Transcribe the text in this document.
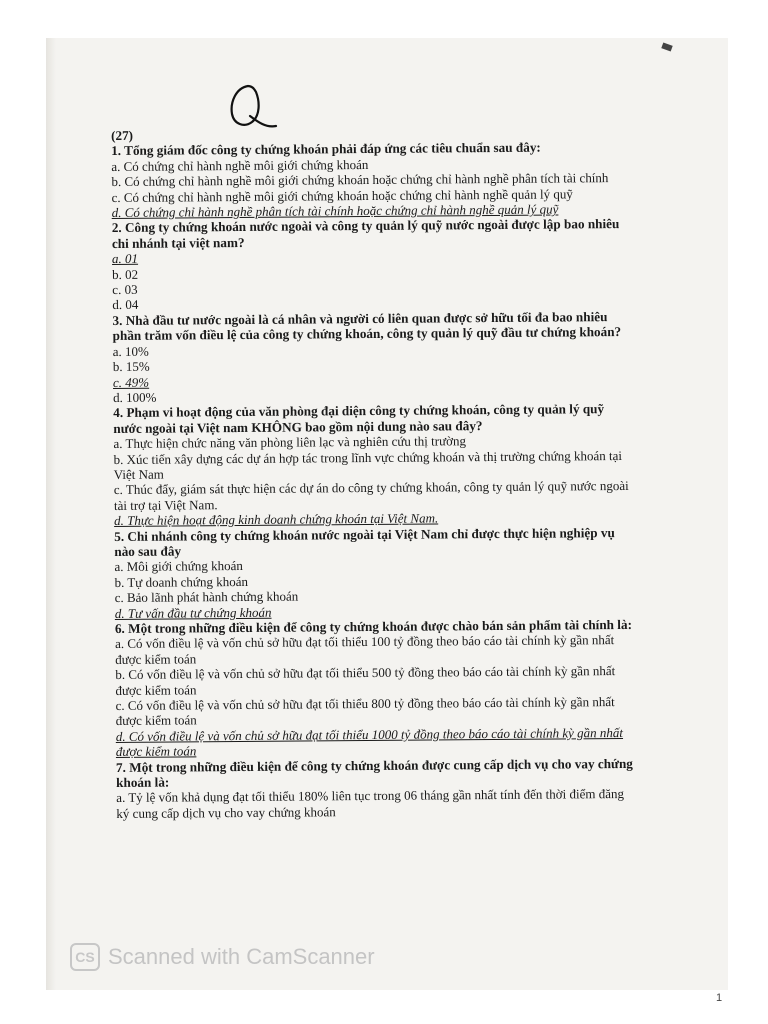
(27)

1. Tổng giám đốc công ty chứng khoán phải đáp ứng các tiêu chuẩn sau đây:

a. Có chứng chỉ hành nghề môi giới chứng khoán

b. Có chứng chỉ hành nghề môi giới chứng khoán hoặc chứng chỉ hành nghề phân tích tài chính

c. Có chứng chỉ hành nghề môi giới chứng khoán hoặc chứng chỉ hành nghề quản lý quỹ

d. Có chứng chỉ hành nghề phân tích tài chính hoặc chứng chỉ hành nghề quản lý quỹ

2. Công ty chứng khoán nước ngoài và công ty quản lý quỹ nước ngoài được lập bao nhiêu chi nhánh tại việt nam?

a. 01

b. 02

c. 03

d. 04

3. Nhà đầu tư nước ngoài là cá nhân và người có liên quan được sở hữu tối đa bao nhiêu phần trăm vốn điều lệ của công ty chứng khoán, công ty quản lý quỹ đầu tư chứng khoán?

a. 10%

b. 15%

c. 49%

d. 100%

4. Phạm vi hoạt động của văn phòng đại diện công ty chứng khoán, công ty quản lý quỹ nước ngoài tại Việt nam KHÔNG bao gồm nội dung nào sau đây?

a. Thực hiện chức năng văn phòng liên lạc và nghiên cứu thị trường

b. Xúc tiến xây dựng các dự án hợp tác trong lĩnh vực chứng khoán và thị trường chứng khoán tại Việt Nam

c. Thúc đẩy, giám sát thực hiện các dự án do công ty chứng khoán, công ty quản lý quỹ nước ngoài tài trợ tại Việt Nam.

d. Thực hiện hoạt động kinh doanh chứng khoán tại Việt Nam.

5. Chi nhánh công ty chứng khoán nước ngoài tại Việt Nam chỉ được thực hiện nghiệp vụ nào sau đây

a. Môi giới chứng khoán

b. Tự doanh chứng khoán

c. Bảo lãnh phát hành chứng khoán

d. Tư vấn đầu tư chứng khoán

6. Một trong những điều kiện để công ty chứng khoán được chào bán sản phẩm tài chính là:

a. Có vốn điều lệ và vốn chủ sở hữu đạt tối thiểu 100 tỷ đồng theo báo cáo tài chính kỳ gần nhất được kiểm toán

b. Có vốn điều lệ và vốn chủ sở hữu đạt tối thiểu 500 tỷ đồng theo báo cáo tài chính kỳ gần nhất được kiểm toán

c. Có vốn điều lệ và vốn chủ sở hữu đạt tối thiểu 800 tỷ đồng theo báo cáo tài chính kỳ gần nhất được kiểm toán

d. Có vốn điều lệ và vốn chủ sở hữu đạt tối thiểu 1000 tỷ đồng theo báo cáo tài chính kỳ gần nhất được kiểm toán

7. Một trong những điều kiện để công ty chứng khoán được cung cấp dịch vụ cho vay chứng khoán là:

a. Tỷ lệ vốn khả dụng đạt tối thiểu 180% liên tục trong 06 tháng gần nhất tính đến thời điểm đăng ký cung cấp dịch vụ cho vay chứng khoán

CS Scanned with CamScanner
1
